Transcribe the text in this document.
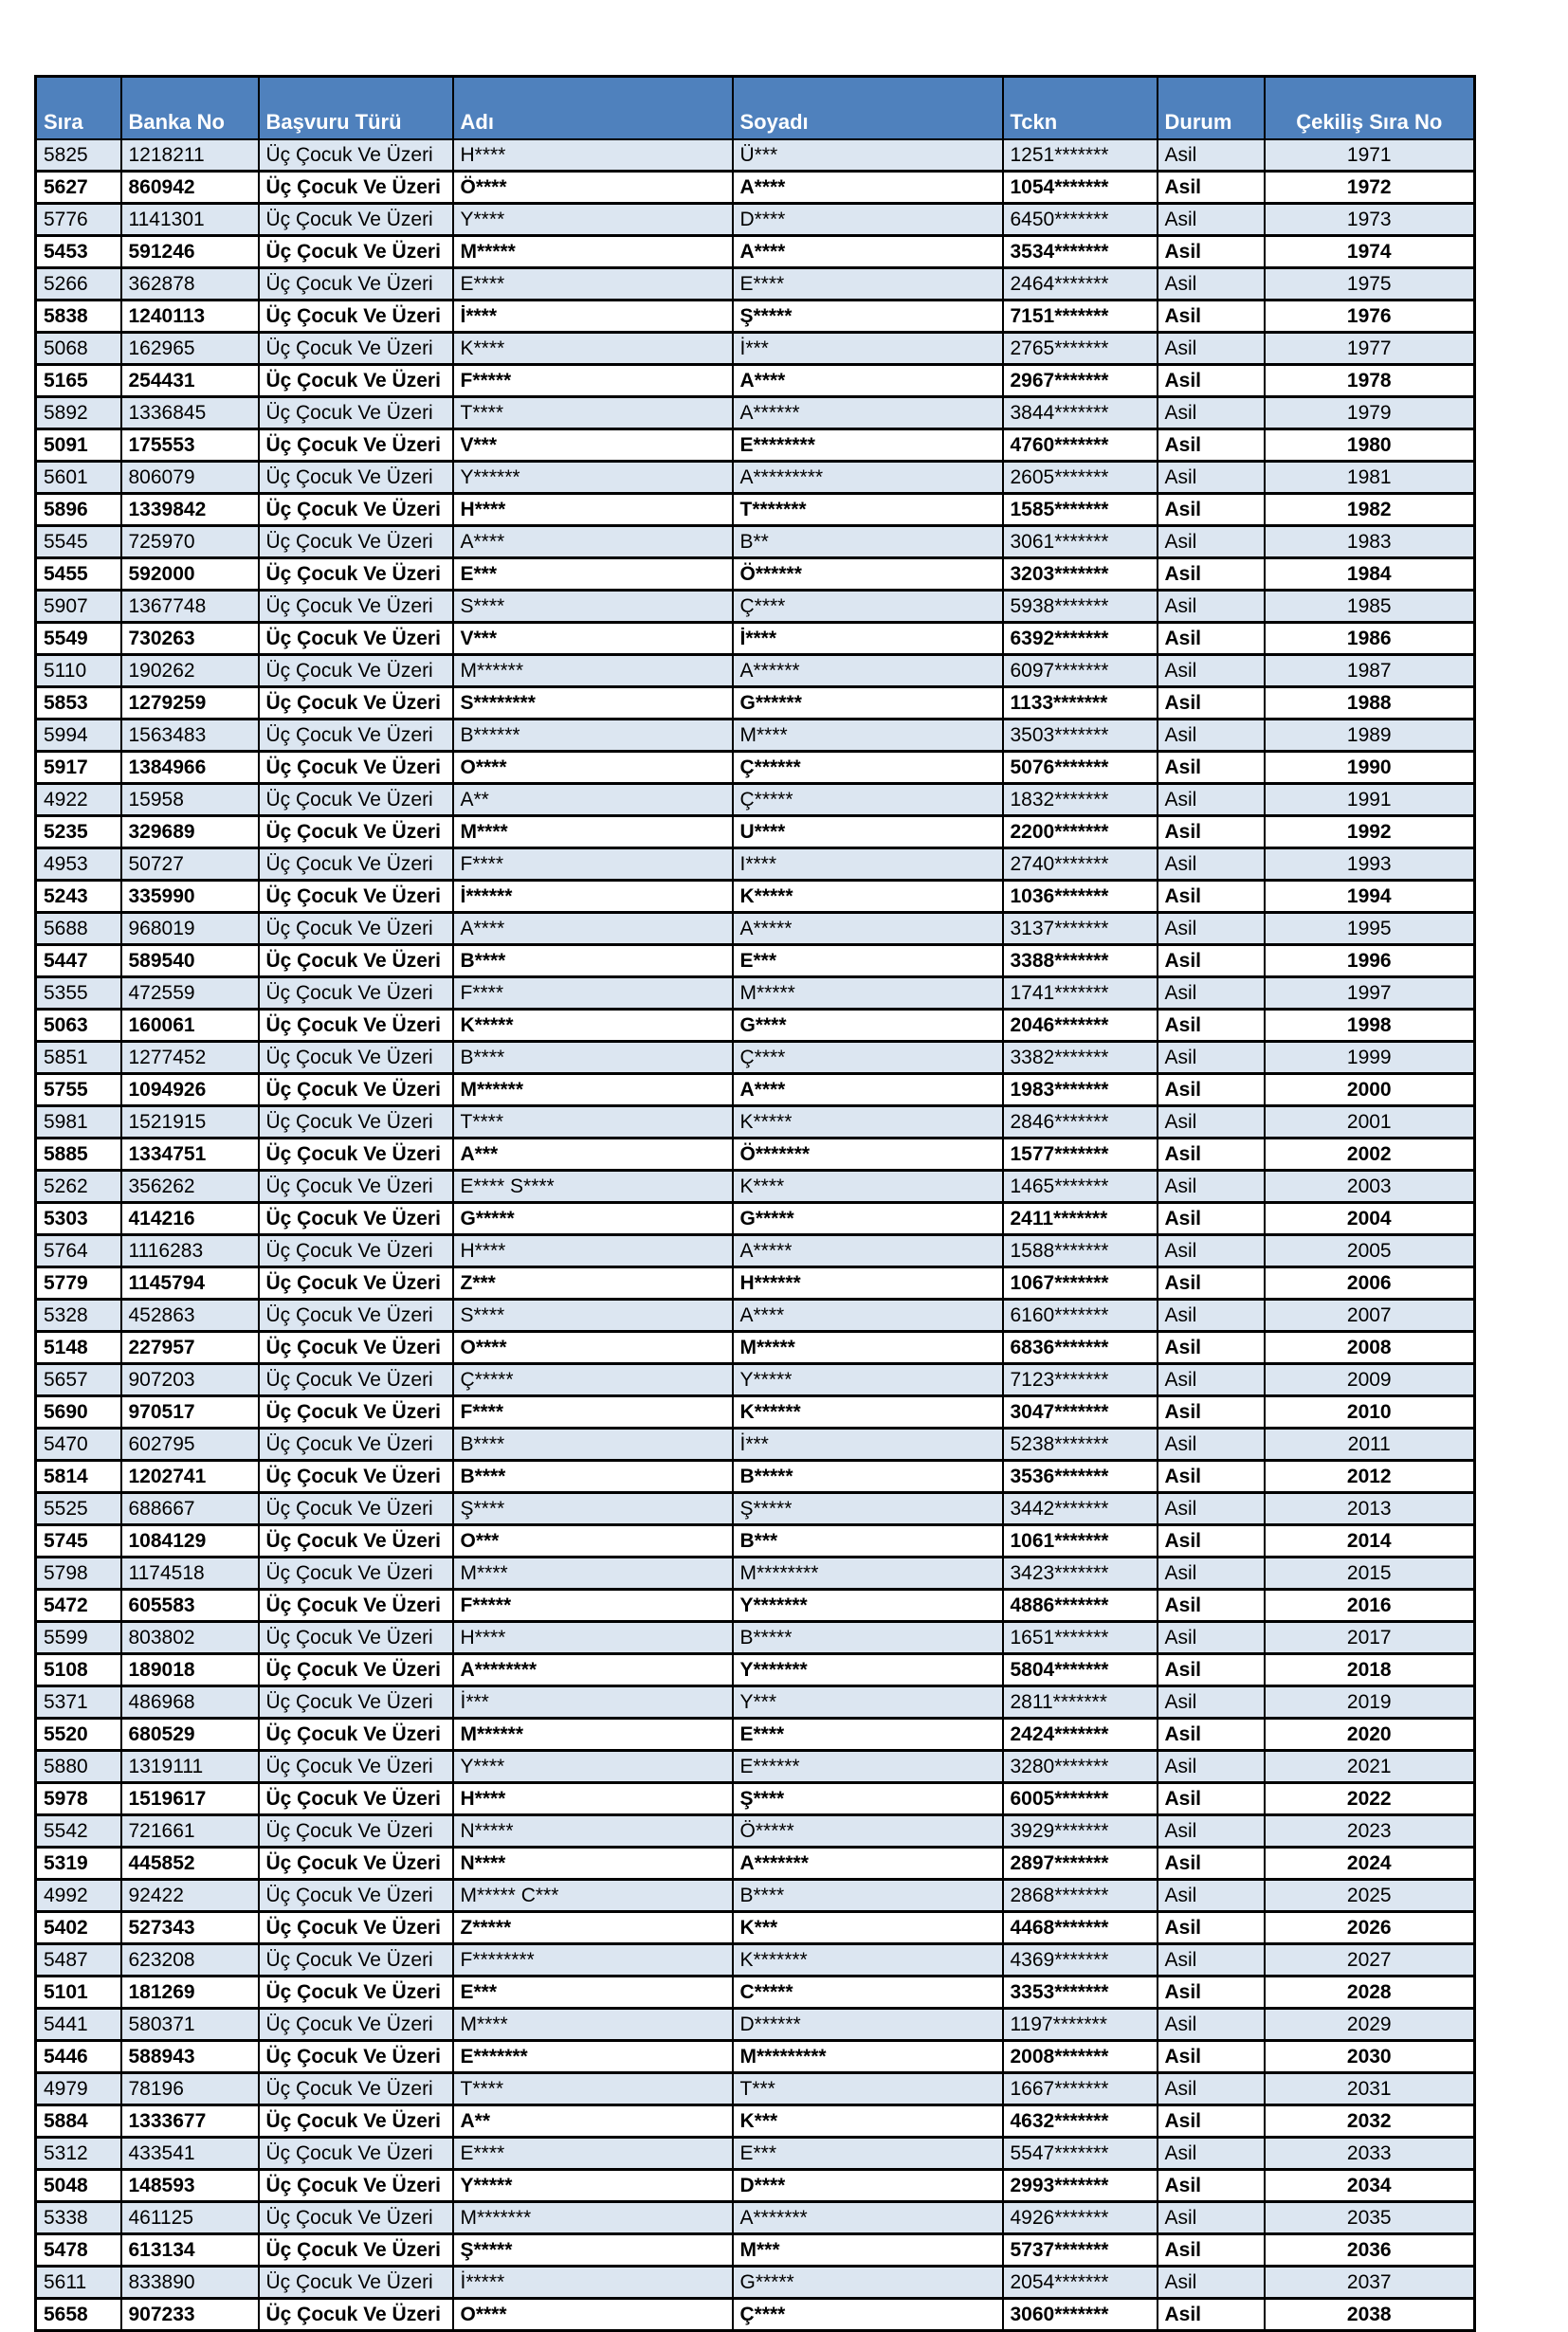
Sıra	Banka No	Başvuru Türü	Adı	Soyadı	Tckn	Durum	Çekiliş Sıra No
5825	1218211	Üç Çocuk Ve Üzeri	H****	Ü***	1251*******	Asil	1971
5627	860942	Üç Çocuk Ve Üzeri	Ö****	A****	1054*******	Asil	1972
5776	1141301	Üç Çocuk Ve Üzeri	Y****	D****	6450*******	Asil	1973
5453	591246	Üç Çocuk Ve Üzeri	M*****	A****	3534*******	Asil	1974
5266	362878	Üç Çocuk Ve Üzeri	E****	E****	2464*******	Asil	1975
5838	1240113	Üç Çocuk Ve Üzeri	İ****	Ş*****	7151*******	Asil	1976
5068	162965	Üç Çocuk Ve Üzeri	K****	İ***	2765*******	Asil	1977
5165	254431	Üç Çocuk Ve Üzeri	F*****	A****	2967*******	Asil	1978
5892	1336845	Üç Çocuk Ve Üzeri	T****	A******	3844*******	Asil	1979
5091	175553	Üç Çocuk Ve Üzeri	V***	E********	4760*******	Asil	1980
5601	806079	Üç Çocuk Ve Üzeri	Y******	A*********	2605*******	Asil	1981
5896	1339842	Üç Çocuk Ve Üzeri	H****	T*******	1585*******	Asil	1982
5545	725970	Üç Çocuk Ve Üzeri	A****	B**	3061*******	Asil	1983
5455	592000	Üç Çocuk Ve Üzeri	E***	Ö******	3203*******	Asil	1984
5907	1367748	Üç Çocuk Ve Üzeri	S****	Ç****	5938*******	Asil	1985
5549	730263	Üç Çocuk Ve Üzeri	V***	İ****	6392*******	Asil	1986
5110	190262	Üç Çocuk Ve Üzeri	M******	A******	6097*******	Asil	1987
5853	1279259	Üç Çocuk Ve Üzeri	S********	G******	1133*******	Asil	1988
5994	1563483	Üç Çocuk Ve Üzeri	B******	M****	3503*******	Asil	1989
5917	1384966	Üç Çocuk Ve Üzeri	O****	Ç******	5076*******	Asil	1990
4922	15958	Üç Çocuk Ve Üzeri	A**	Ç*****	1832*******	Asil	1991
5235	329689	Üç Çocuk Ve Üzeri	M****	U****	2200*******	Asil	1992
4953	50727	Üç Çocuk Ve Üzeri	F****	I****	2740*******	Asil	1993
5243	335990	Üç Çocuk Ve Üzeri	İ******	K*****	1036*******	Asil	1994
5688	968019	Üç Çocuk Ve Üzeri	A****	A*****	3137*******	Asil	1995
5447	589540	Üç Çocuk Ve Üzeri	B****	E***	3388*******	Asil	1996
5355	472559	Üç Çocuk Ve Üzeri	F****	M*****	1741*******	Asil	1997
5063	160061	Üç Çocuk Ve Üzeri	K*****	G****	2046*******	Asil	1998
5851	1277452	Üç Çocuk Ve Üzeri	B****	Ç****	3382*******	Asil	1999
5755	1094926	Üç Çocuk Ve Üzeri	M******	A****	1983*******	Asil	2000
5981	1521915	Üç Çocuk Ve Üzeri	T****	K*****	2846*******	Asil	2001
5885	1334751	Üç Çocuk Ve Üzeri	A***	Ö*******	1577*******	Asil	2002
5262	356262	Üç Çocuk Ve Üzeri	E**** S****	K****	1465*******	Asil	2003
5303	414216	Üç Çocuk Ve Üzeri	G*****	G*****	2411*******	Asil	2004
5764	1116283	Üç Çocuk Ve Üzeri	H****	A*****	1588*******	Asil	2005
5779	1145794	Üç Çocuk Ve Üzeri	Z***	H******	1067*******	Asil	2006
5328	452863	Üç Çocuk Ve Üzeri	S****	A****	6160*******	Asil	2007
5148	227957	Üç Çocuk Ve Üzeri	O****	M*****	6836*******	Asil	2008
5657	907203	Üç Çocuk Ve Üzeri	Ç*****	Y*****	7123*******	Asil	2009
5690	970517	Üç Çocuk Ve Üzeri	F****	K******	3047*******	Asil	2010
5470	602795	Üç Çocuk Ve Üzeri	B****	İ***	5238*******	Asil	2011
5814	1202741	Üç Çocuk Ve Üzeri	B****	B*****	3536*******	Asil	2012
5525	688667	Üç Çocuk Ve Üzeri	Ş****	Ş*****	3442*******	Asil	2013
5745	1084129	Üç Çocuk Ve Üzeri	O***	B***	1061*******	Asil	2014
5798	1174518	Üç Çocuk Ve Üzeri	M****	M********	3423*******	Asil	2015
5472	605583	Üç Çocuk Ve Üzeri	F*****	Y*******	4886*******	Asil	2016
5599	803802	Üç Çocuk Ve Üzeri	H****	B*****	1651*******	Asil	2017
5108	189018	Üç Çocuk Ve Üzeri	A********	Y*******	5804*******	Asil	2018
5371	486968	Üç Çocuk Ve Üzeri	İ***	Y***	2811*******	Asil	2019
5520	680529	Üç Çocuk Ve Üzeri	M******	E****	2424*******	Asil	2020
5880	1319111	Üç Çocuk Ve Üzeri	Y****	E******	3280*******	Asil	2021
5978	1519617	Üç Çocuk Ve Üzeri	H****	Ş****	6005*******	Asil	2022
5542	721661	Üç Çocuk Ve Üzeri	N*****	Ö*****	3929*******	Asil	2023
5319	445852	Üç Çocuk Ve Üzeri	N****	A*******	2897*******	Asil	2024
4992	92422	Üç Çocuk Ve Üzeri	M***** C***	B****	2868*******	Asil	2025
5402	527343	Üç Çocuk Ve Üzeri	Z*****	K***	4468*******	Asil	2026
5487	623208	Üç Çocuk Ve Üzeri	F********	K*******	4369*******	Asil	2027
5101	181269	Üç Çocuk Ve Üzeri	E***	C*****	3353*******	Asil	2028
5441	580371	Üç Çocuk Ve Üzeri	M****	D******	1197*******	Asil	2029
5446	588943	Üç Çocuk Ve Üzeri	E*******	M*********	2008*******	Asil	2030
4979	78196	Üç Çocuk Ve Üzeri	T****	T***	1667*******	Asil	2031
5884	1333677	Üç Çocuk Ve Üzeri	A**	K***	4632*******	Asil	2032
5312	433541	Üç Çocuk Ve Üzeri	E****	E***	5547*******	Asil	2033
5048	148593	Üç Çocuk Ve Üzeri	Y*****	D****	2993*******	Asil	2034
5338	461125	Üç Çocuk Ve Üzeri	M*******	A*******	4926*******	Asil	2035
5478	613134	Üç Çocuk Ve Üzeri	Ş*****	M***	5737*******	Asil	2036
5611	833890	Üç Çocuk Ve Üzeri	İ*****	G*****	2054*******	Asil	2037
5658	907233	Üç Çocuk Ve Üzeri	O****	Ç****	3060*******	Asil	2038
